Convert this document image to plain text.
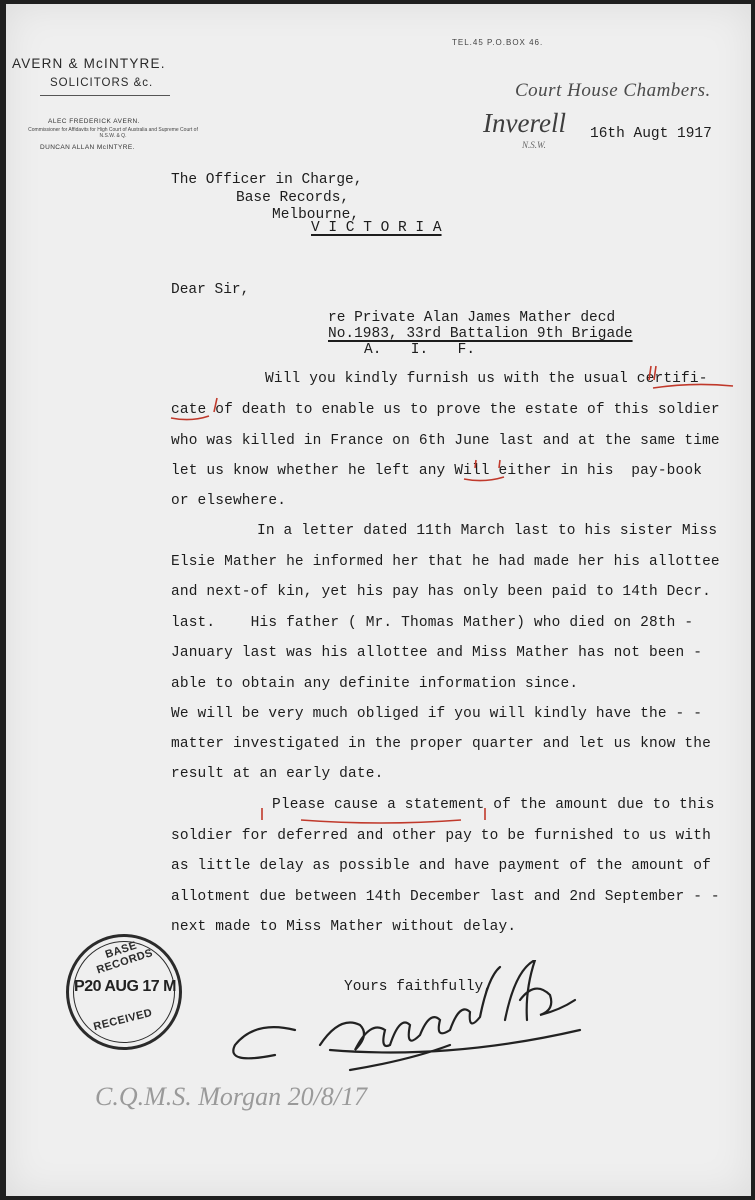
AVERN & McINTYRE.
SOLICITORS &c.
ALEC FREDERICK AVERN.
Commissioner for Affidavits for High Court of Australia and Supreme Court of N.S.W. & Q.
DUNCAN ALLAN McINTYRE.
TEL.45 P.O.BOX 46.
Court House Chambers.
Inverell 16th Augt 1917
N.S.W.
The Officer in Charge,
Base Records,
Melbourne,
V I C T O R I A
Dear Sir,
re Private Alan James Mather decd
No.1983, 33rd Battalion 9th Brigade
A.  I.  F.
Will you kindly furnish us with the usual certifi-
cate of death to enable us to prove the estate of this soldier
who was killed in France on 6th June last and at the same time
let us know whether he left any Will either in his  pay-book
or elsewhere.
In a letter dated 11th March last to his sister Miss
Elsie Mather he informed her that he had made her his allottee
and next-of kin, yet his pay has only been paid to 14th Decr.
last.    His father ( Mr. Thomas Mather) who died on 28th -
January last was his allottee and Miss Mather has not been -
able to obtain any definite information since.
We will be very much obliged if you will kindly have the - -
matter investigated in the proper quarter and let us know the
result at an early date.
Please cause a statement of the amount due to this
soldier for deferred and other pay to be furnished to us with
as little delay as possible and have payment of the amount of
allotment due between 14th December last and 2nd September - -
next made to Miss Mather without delay.
Yours faithfully,
BASE RECORDS
P20 AUG 17 M
RECEIVED
C.Q.M.S. Morgan 20/8/17
